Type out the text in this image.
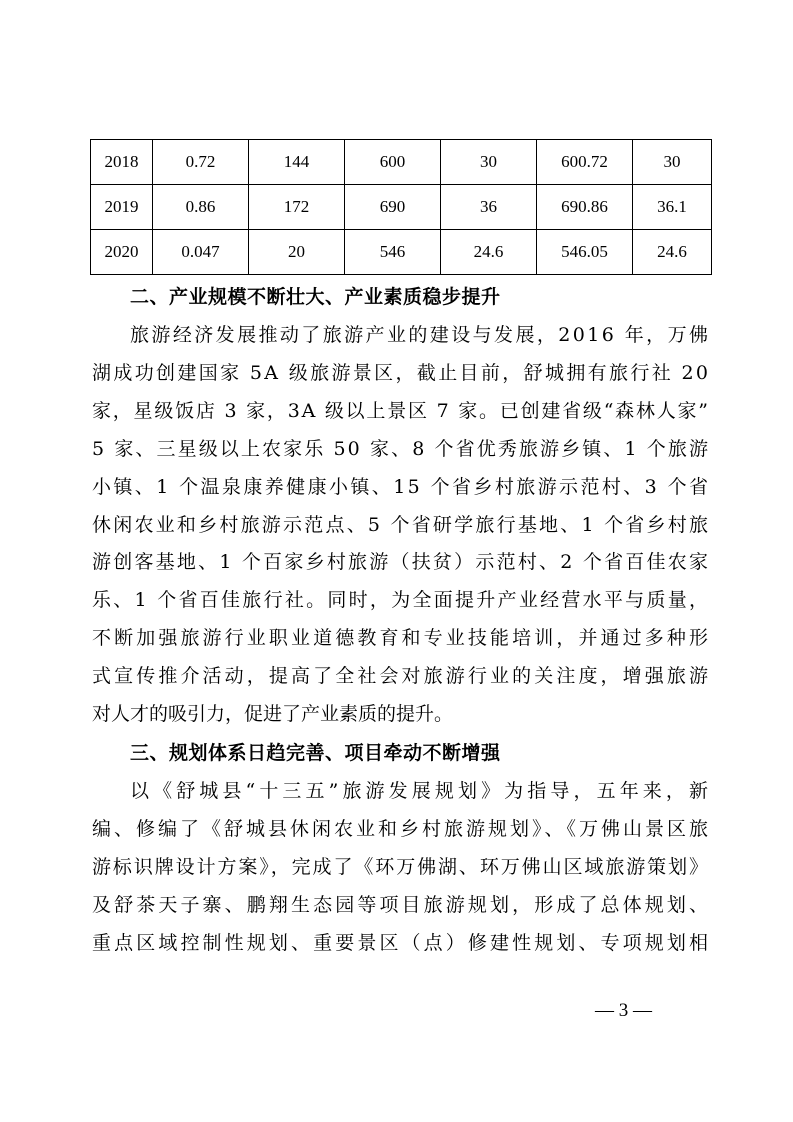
2018	0.72	144	600	30	600.72	30
2019	0.86	172	690	36	690.86	36.1
2020	0.047	20	546	24.6	546.05	24.6
二、产业规模不断壮大、产业素质稳步提升
旅游经济发展推动了旅游产业的建设与发展，2016 年，万佛
湖成功创建国家 5A 级旅游景区，截止目前，舒城拥有旅行社 20
家，星级饭店 3 家，3A 级以上景区 7 家。已创建省级“森林人家”
5 家、三星级以上农家乐 50 家、8 个省优秀旅游乡镇、1 个旅游
小镇、1 个温泉康养健康小镇、15 个省乡村旅游示范村、3 个省
休闲农业和乡村旅游示范点、5 个省研学旅行基地、1 个省乡村旅
游创客基地、1 个百家乡村旅游（扶贫）示范村、2 个省百佳农家
乐、1 个省百佳旅行社。同时，为全面提升产业经营水平与质量，
不断加强旅游行业职业道德教育和专业技能培训，并通过多种形
式宣传推介活动，提高了全社会对旅游行业的关注度，增强旅游
对人才的吸引力，促进了产业素质的提升。
三、规划体系日趋完善、项目牵动不断增强
以《舒城县“十三五”旅游发展规划》为指导，五年来，新
编、修编了《舒城县休闲农业和乡村旅游规划》、《万佛山景区旅
游标识牌设计方案》，完成了《环万佛湖、环万佛山区域旅游策划》
及舒茶天子寨、鹏翔生态园等项目旅游规划，形成了总体规划、
重点区域控制性规划、重要景区（点）修建性规划、专项规划相
— 3 —
